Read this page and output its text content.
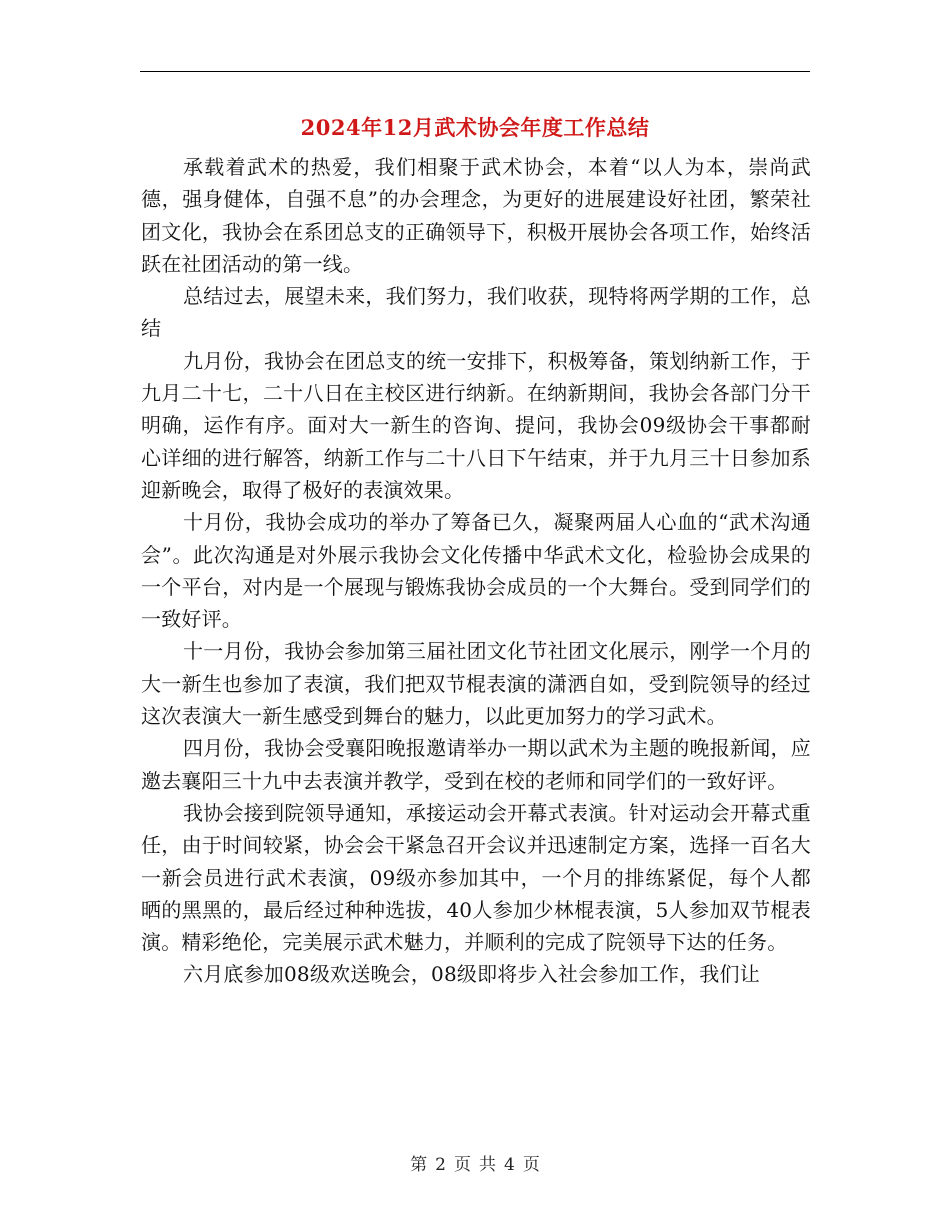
2024年12月武术协会年度工作总结

承载着武术的热爱，我们相聚于武术协会，本着“以人为本，崇尚武德，强身健体，自强不息”的办会理念，为更好的进展建设好社团，繁荣社团文化，我协会在系团总支的正确领导下，积极开展协会各项工作，始终活跃在社团活动的第一线。

总结过去，展望未来，我们努力，我们收获，现特将两学期的工作，总结

九月份，我协会在团总支的统一安排下，积极筹备，策划纳新工作，于九月二十七，二十八日在主校区进行纳新。在纳新期间，我协会各部门分干明确，运作有序。面对大一新生的咨询、提问，我协会09级协会干事都耐心详细的进行解答，纳新工作与二十八日下午结束，并于九月三十日参加系迎新晚会，取得了极好的表演效果。

十月份，我协会成功的举办了筹备已久，凝聚两届人心血的“武术沟通会”。此次沟通是对外展示我协会文化传播中华武术文化，检验协会成果的一个平台，对内是一个展现与锻炼我协会成员的一个大舞台。受到同学们的一致好评。

十一月份，我协会参加第三届社团文化节社团文化展示，刚学一个月的大一新生也参加了表演，我们把双节棍表演的潇洒自如，受到院领导的经过这次表演大一新生感受到舞台的魅力，以此更加努力的学习武术。

四月份，我协会受襄阳晚报邀请举办一期以武术为主题的晚报新闻，应邀去襄阳三十九中去表演并教学，受到在校的老师和同学们的一致好评。

我协会接到院领导通知，承接运动会开幕式表演。针对运动会开幕式重任，由于时间较紧，协会会干紧急召开会议并迅速制定方案，选择一百名大一新会员进行武术表演，09级亦参加其中，一个月的排练紧促，每个人都晒的黑黑的，最后经过种种选拔，40人参加少林棍表演，5人参加双节棍表演。精彩绝伦，完美展示武术魅力，并顺利的完成了院领导下达的任务。

六月底参加08级欢送晚会，08级即将步入社会参加工作，我们让

第 2 页 共 4 页
